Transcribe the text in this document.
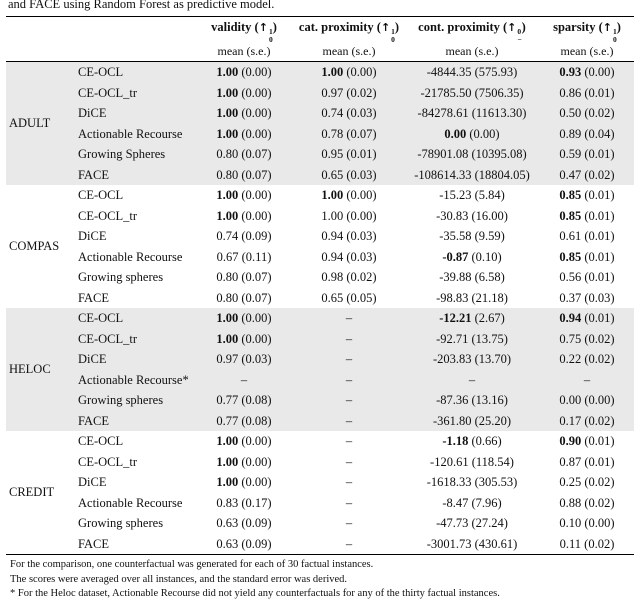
and FACE using Random Forest as predictive model.

validity (↑ 1
0
)
mean (s.e.)

cat. proximity (↑ 1
0
)
mean (s.e.)

cont. proximity (↑ 0
−
)
mean (s.e.)

sparsity (↑ 1
0
)
mean (s.e.)

ADULT	CE-OCL	1.00 (0.00)	1.00 (0.00)	-4844.35 (575.93)	0.93 (0.00)
	CE-OCL_tr	1.00 (0.00)	0.97 (0.02)	-21785.50 (7506.35)	0.86 (0.01)
	DiCE	1.00 (0.00)	0.74 (0.03)	-84278.61 (11613.30)	0.50 (0.02)
	Actionable Recourse	1.00 (0.00)	0.78 (0.07)	0.00 (0.00)	0.89 (0.04)
	Growing Spheres	0.80 (0.07)	0.95 (0.01)	-78901.08 (10395.08)	0.59 (0.01)
	FACE	0.80 (0.07)	0.65 (0.03)	-108614.33 (18804.05)	0.47 (0.02)
COMPAS	CE-OCL	1.00 (0.00)	1.00 (0.00)	-15.23 (5.84)	0.85 (0.01)
	CE-OCL_tr	1.00 (0.00)	1.00 (0.00)	-30.83 (16.00)	0.85 (0.01)
	DiCE	0.74 (0.09)	0.94 (0.03)	-35.58 (9.59)	0.61 (0.01)
	Actionable Recourse	0.67 (0.11)	0.94 (0.03)	-0.87 (0.10)	0.85 (0.01)
	Growing spheres	0.80 (0.07)	0.98 (0.02)	-39.88 (6.58)	0.56 (0.01)
	FACE	0.80 (0.07)	0.65 (0.05)	-98.83 (21.18)	0.37 (0.03)
HELOC	CE-OCL	1.00 (0.00)	–	-12.21 (2.67)	0.94 (0.01)
	CE-OCL_tr	1.00 (0.00)	–	-92.71 (13.75)	0.75 (0.02)
	DiCE	0.97 (0.03)	–	-203.83 (13.70)	0.22 (0.02)
	Actionable Recourse*	–	–	–	–
	Growing spheres	0.77 (0.08)	–	-87.36 (13.16)	0.00 (0.00)
	FACE	0.77 (0.08)	–	-361.80 (25.20)	0.17 (0.02)
CREDIT	CE-OCL	1.00 (0.00)	–	-1.18 (0.66)	0.90 (0.01)
	CE-OCL_tr	1.00 (0.00)	–	-120.61 (118.54)	0.87 (0.01)
	DiCE	1.00 (0.00)	–	-1618.33 (305.53)	0.25 (0.02)
	Actionable Recourse	0.83 (0.17)	–	-8.47 (7.96)	0.88 (0.02)
	Growing spheres	0.63 (0.09)	–	-47.73 (27.24)	0.10 (0.00)
	FACE	0.63 (0.09)	–	-3001.73 (430.61)	0.11 (0.02)
For the comparison, one counterfactual was generated for each of 30 factual instances.
The scores were averaged over all instances, and the standard error was derived.
* For the Heloc dataset, Actionable Recourse did not yield any counterfactuals for any of the thirty factual instances.
